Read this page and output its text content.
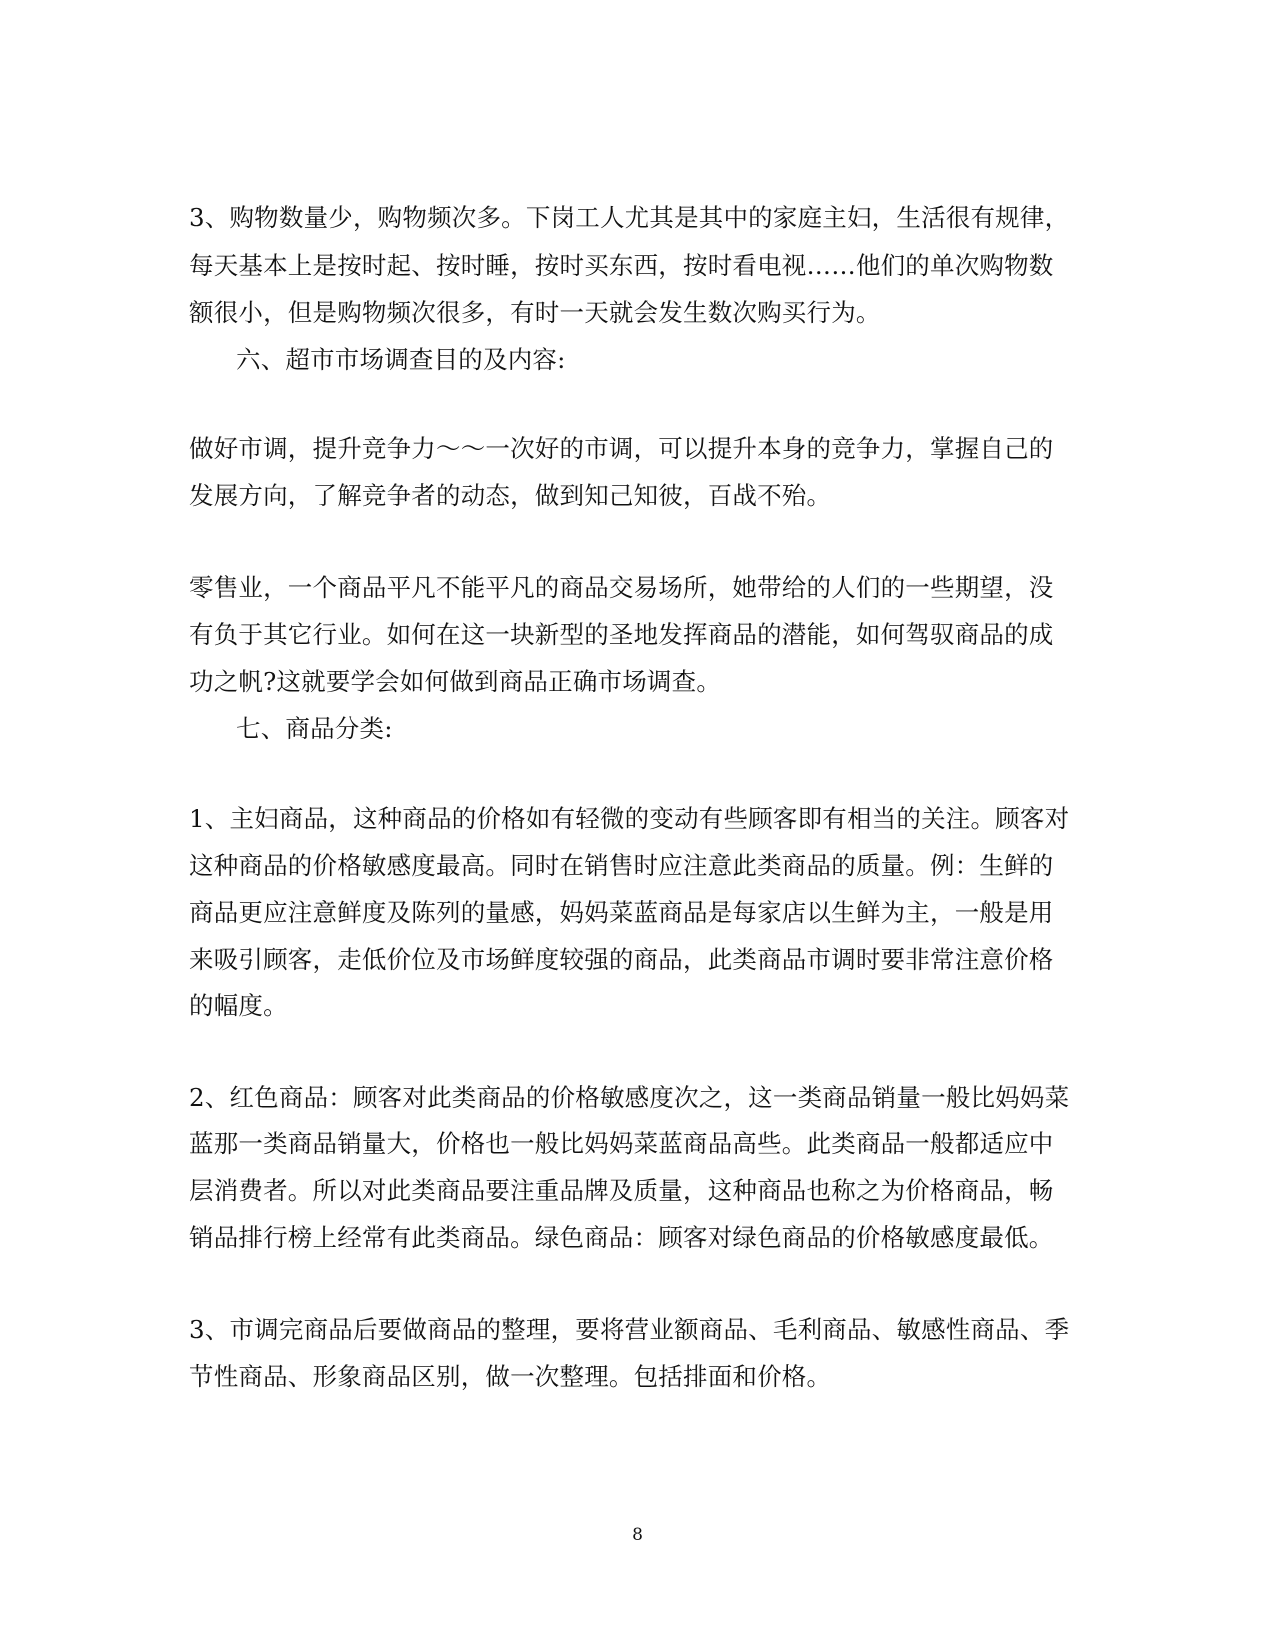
3、购物数量少，购物频次多。下岗工人尤其是其中的家庭主妇，生活很有规律，
每天基本上是按时起、按时睡，按时买东西，按时看电视……他们的单次购物数
额很小，但是购物频次很多，有时一天就会发生数次购买行为。
六、超市市场调查目的及内容:
做好市调，提升竞争力～～一次好的市调，可以提升本身的竞争力，掌握自己的
发展方向，了解竞争者的动态，做到知己知彼，百战不殆。
零售业，一个商品平凡不能平凡的商品交易场所，她带给的人们的一些期望，没
有负于其它行业。如何在这一块新型的圣地发挥商品的潜能，如何驾驭商品的成
功之帆?这就要学会如何做到商品正确市场调查。
七、商品分类:
1、主妇商品，这种商品的价格如有轻微的变动有些顾客即有相当的关注。顾客对
这种商品的价格敏感度最高。同时在销售时应注意此类商品的质量。例：生鲜的
商品更应注意鲜度及陈列的量感，妈妈菜蓝商品是每家店以生鲜为主，一般是用
来吸引顾客，走低价位及市场鲜度较强的商品，此类商品市调时要非常注意价格
的幅度。
2、红色商品：顾客对此类商品的价格敏感度次之，这一类商品销量一般比妈妈菜
蓝那一类商品销量大，价格也一般比妈妈菜蓝商品高些。此类商品一般都适应中
层消费者。所以对此类商品要注重品牌及质量，这种商品也称之为价格商品，畅
销品排行榜上经常有此类商品。绿色商品：顾客对绿色商品的价格敏感度最低。
3、市调完商品后要做商品的整理，要将营业额商品、毛利商品、敏感性商品、季
节性商品、形象商品区别，做一次整理。包括排面和价格。
8
